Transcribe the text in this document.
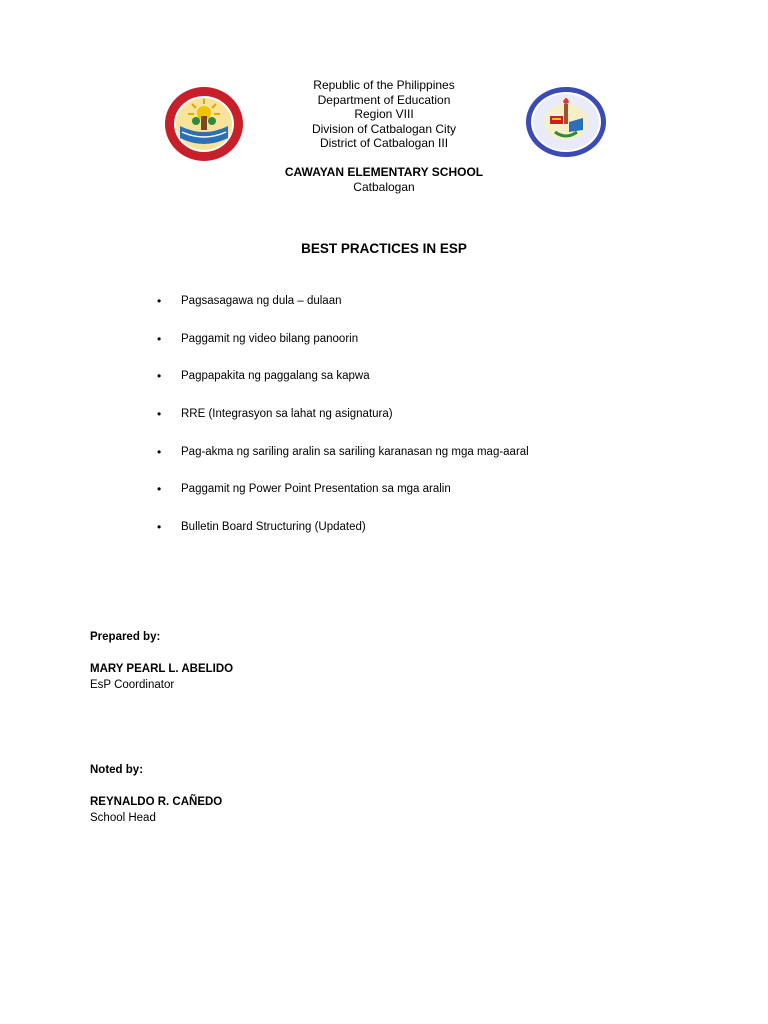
Republic of the Philippines
Department of Education
Region VIII
Division of Catbalogan City
District of Catbalogan III
CAWAYAN ELEMENTARY SCHOOL
Catbalogan
BEST PRACTICES IN ESP
• Pagsasagawa ng dula – dulaan
• Paggamit ng video bilang panoorin
• Pagpapakita ng paggalang sa kapwa
• RRE (Integrasyon sa lahat ng asignatura)
• Pag-akma ng sariling aralin sa sariling karanasan ng mga mag-aaral
• Paggamit ng Power Point Presentation sa mga aralin
• Bulletin Board Structuring (Updated)
Prepared by:
MARY PEARL L. ABELIDO
EsP Coordinator
Noted by:
REYNALDO R. CAÑEDO
School Head
